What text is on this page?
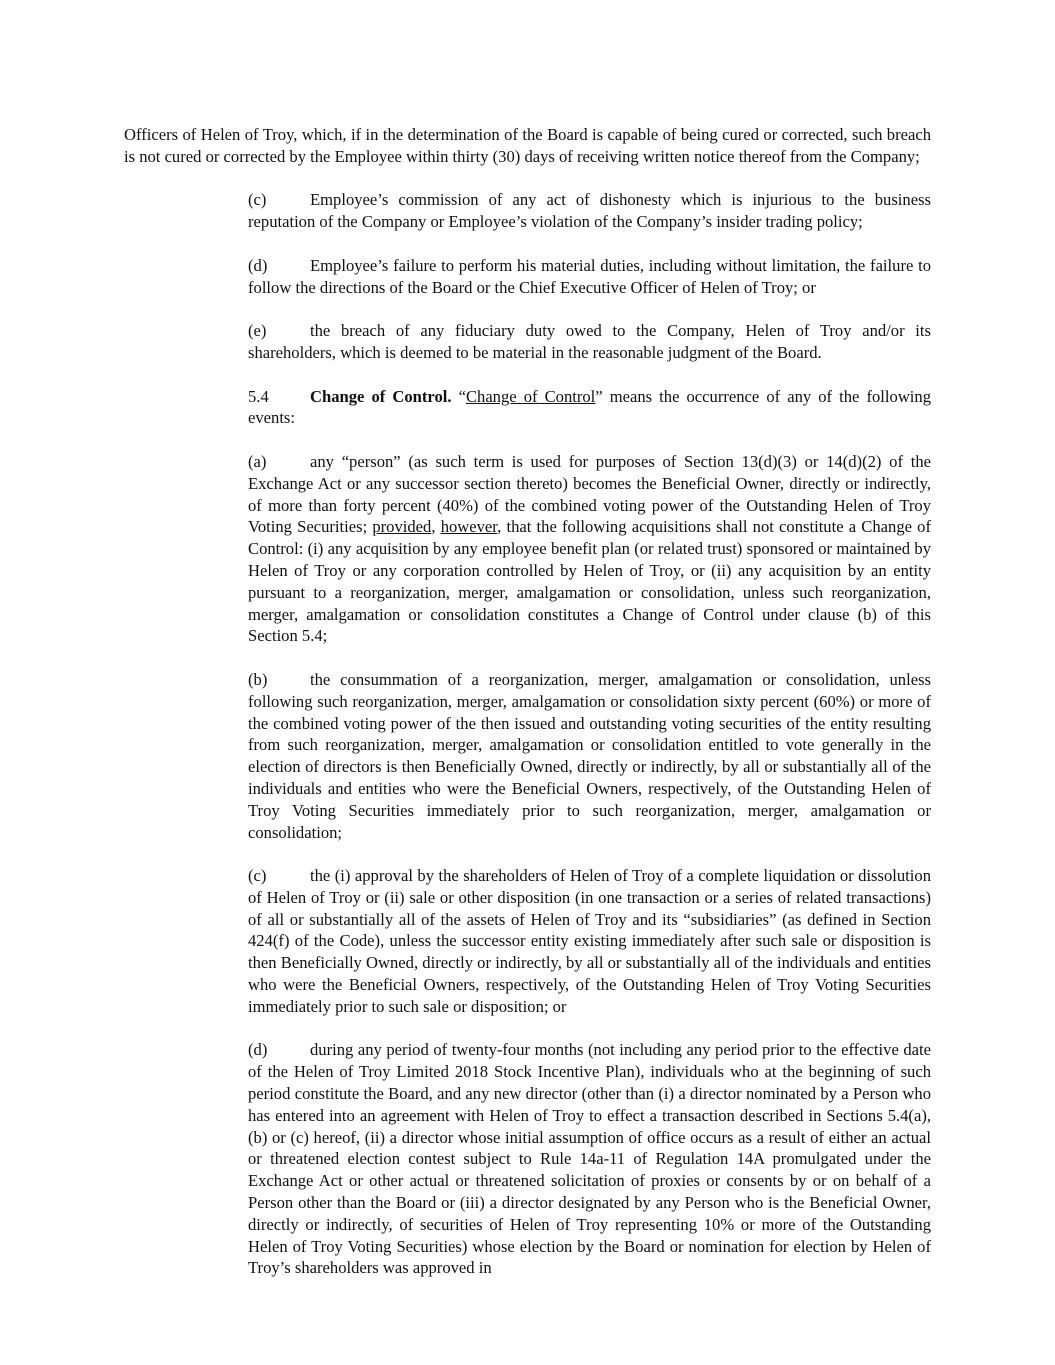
Officers of Helen of Troy, which, if in the determination of the Board is capable of being cured or corrected, such breach is not cured or corrected by the Employee within thirty (30) days of receiving written notice thereof from the Company;

(c)	Employee’s commission of any act of dishonesty which is injurious to the business reputation of the Company or Employee’s violation of the Company’s insider trading policy;

(d)	Employee’s failure to perform his material duties, including without limitation, the failure to follow the directions of the Board or the Chief Executive Officer of Helen of Troy; or

(e)	the breach of any fiduciary duty owed to the Company, Helen of Troy and/or its shareholders, which is deemed to be material in the reasonable judgment of the Board.

5.4 Change of Control. “Change of Control” means the occurrence of any of the following events:

(a)	any “person” (as such term is used for purposes of Section 13(d)(3) or 14(d)(2) of the Exchange Act or any successor section thereto) becomes the Beneficial Owner, directly or indirectly, of more than forty percent (40%) of the combined voting power of the Outstanding Helen of Troy Voting Securities; provided, however, that the following acquisitions shall not constitute a Change of Control: (i) any acquisition by any employee benefit plan (or related trust) sponsored or maintained by Helen of Troy or any corporation controlled by Helen of Troy, or (ii) any acquisition by an entity pursuant to a reorganization, merger, amalgamation or consolidation, unless such reorganization, merger, amalgamation or consolidation constitutes a Change of Control under clause (b) of this Section 5.4;

(b)	the consummation of a reorganization, merger, amalgamation or consolidation, unless following such reorganization, merger, amalgamation or consolidation sixty percent (60%) or more of the combined voting power of the then issued and outstanding voting securities of the entity resulting from such reorganization, merger, amalgamation or consolidation entitled to vote generally in the election of directors is then Beneficially Owned, directly or indirectly, by all or substantially all of the individuals and entities who were the Beneficial Owners, respectively, of the Outstanding Helen of Troy Voting Securities immediately prior to such reorganization, merger, amalgamation or consolidation;

(c)	the (i) approval by the shareholders of Helen of Troy of a complete liquidation or dissolution of Helen of Troy or (ii) sale or other disposition (in one transaction or a series of related transactions) of all or substantially all of the assets of Helen of Troy and its “subsidiaries” (as defined in Section 424(f) of the Code), unless the successor entity existing immediately after such sale or disposition is then Beneficially Owned, directly or indirectly, by all or substantially all of the individuals and entities who were the Beneficial Owners, respectively, of the Outstanding Helen of Troy Voting Securities immediately prior to such sale or disposition; or

(d)	during any period of twenty-four months (not including any period prior to the effective date of the Helen of Troy Limited 2018 Stock Incentive Plan), individuals who at the beginning of such period constitute the Board, and any new director (other than (i) a director nominated by a Person who has entered into an agreement with Helen of Troy to effect a transaction described in Sections 5.4(a), (b) or (c) hereof, (ii) a director whose initial assumption of office occurs as a result of either an actual or threatened election contest subject to Rule 14a-11 of Regulation 14A promulgated under the Exchange Act or other actual or threatened solicitation of proxies or consents by or on behalf of a Person other than the Board or (iii) a director designated by any Person who is the Beneficial Owner, directly or indirectly, of securities of Helen of Troy representing 10% or more of the Outstanding Helen of Troy Voting Securities) whose election by the Board or nomination for election by Helen of Troy’s shareholders was approved in
